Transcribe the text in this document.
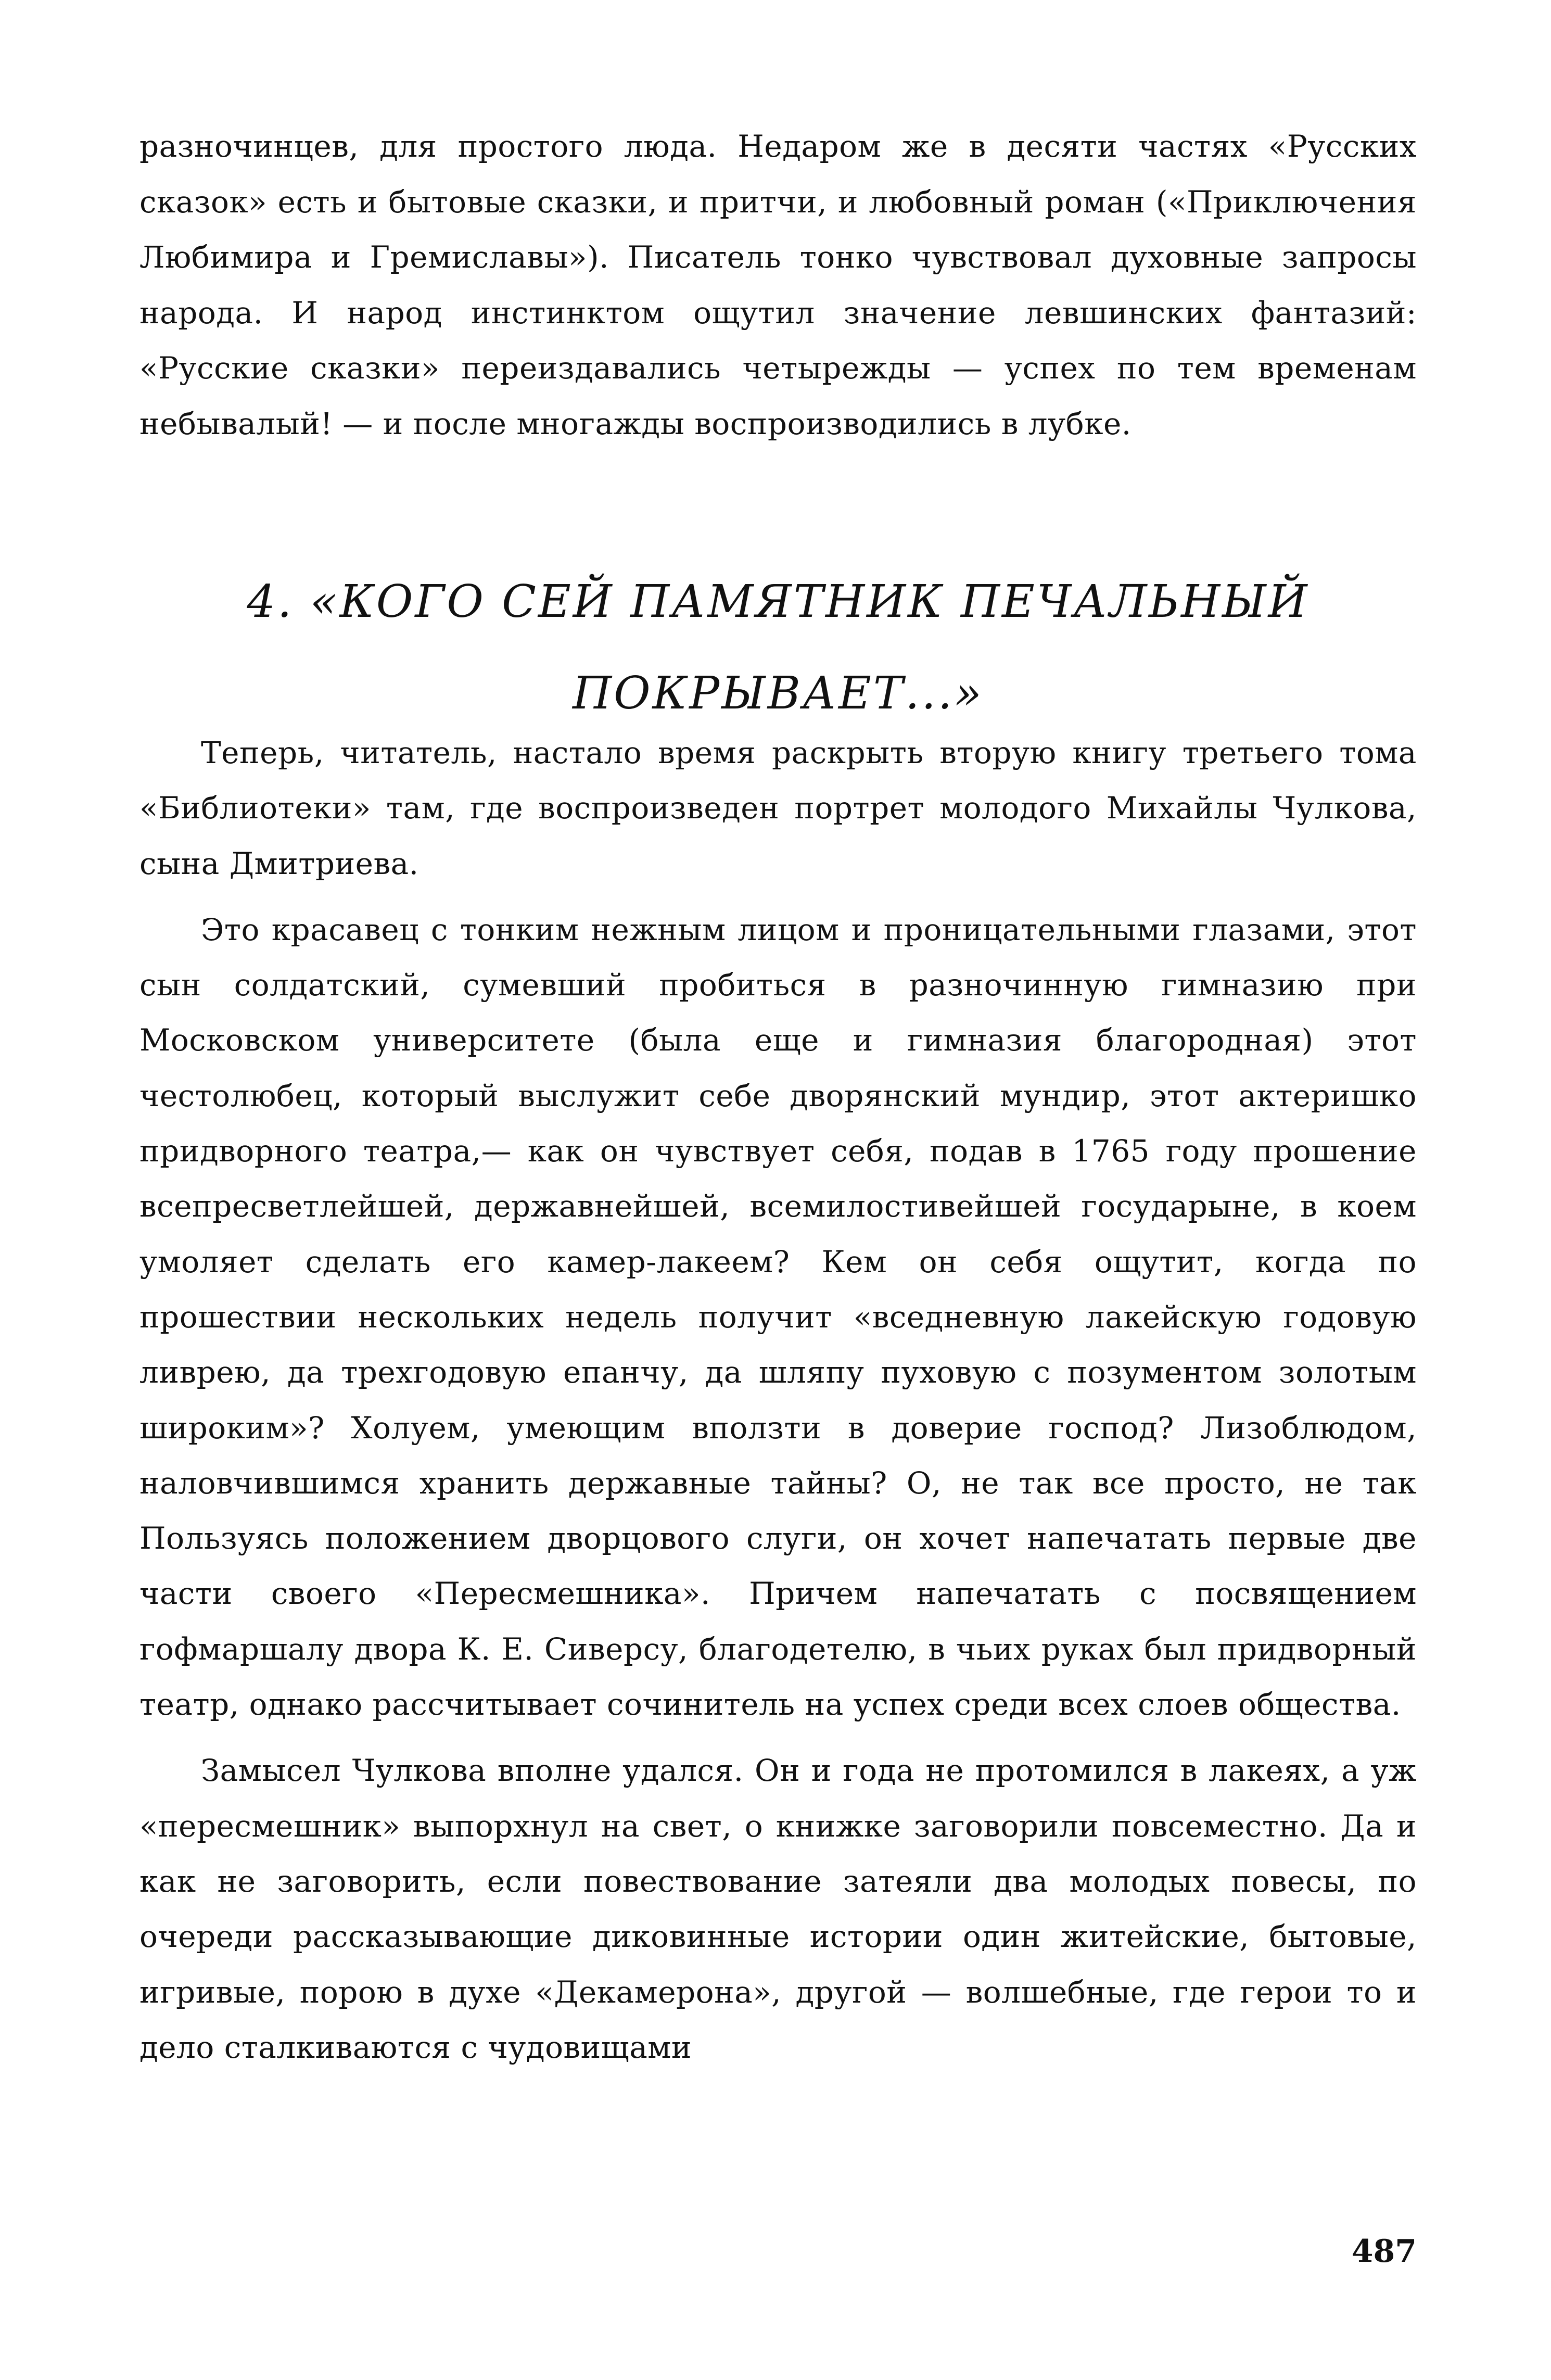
разночинцев, для простого люда. Недаром же в десяти частях «Русских сказок» есть и бытовые сказки, и притчи, и любовный роман («Приключения Любимира и Гремиславы»). Писатель тонко чувствовал духовные запросы народа. И народ инстинктом ощутил значение левшинских фантазий: «Русские сказки» переиздавались четырежды — успех по тем временам небывалый! — и после многажды воспроизводились в лубке.

4. «КОГО СЕЙ ПАМЯТНИК ПЕЧАЛЬНЫЙ
ПОКРЫВАЕТ...»

Теперь, читатель, настало время раскрыть вторую книгу третьего тома «Библиотеки» там, где воспроизведен портрет молодого Михайлы Чулкова, сына Дмитриева.

Это красавец с тонким нежным лицом и проницательными глазами, этот сын солдатский, сумевший пробиться в разночинную гимназию при Московском университете (была еще и гимназия благородная) этот честолюбец, который выслужит себе дворянский мундир, этот актеришко придворного театра,— как он чувствует себя, подав в 1765 году прошение всепресветлейшей, державнейшей, всемилостивейшей государыне, в коем умоляет сделать его камер-лакеем? Кем он себя ощутит, когда по прошествии нескольких недель получит «вседневную лакейскую годовую ливрею, да трехгодовую епанчу, да шляпу пуховую с позументом золотым широким»? Холуем, умеющим вползти в доверие господ? Лизоблюдом, наловчившимся хранить державные тайны? О, не так все просто, не так Пользуясь положением дворцового слуги, он хочет напечатать первые две части своего «Пересмешника». Причем напечатать с посвящением гофмаршалу двора К. Е. Сиверсу, благодетелю, в чьих руках был придворный театр, однако рассчитывает сочинитель на успех среди всех слоев общества.

Замысел Чулкова вполне удался. Он и года не протомился в лакеях, а уж «пересмешник» выпорхнул на свет, о книжке заговорили повсеместно. Да и как не заговорить, если повествование затеяли два молодых повесы, по очереди рассказывающие диковинные истории один житейские, бытовые, игривые, порою в духе «Декамерона», другой — волшебные, где герои то и дело сталкиваются с чудовищами

487
